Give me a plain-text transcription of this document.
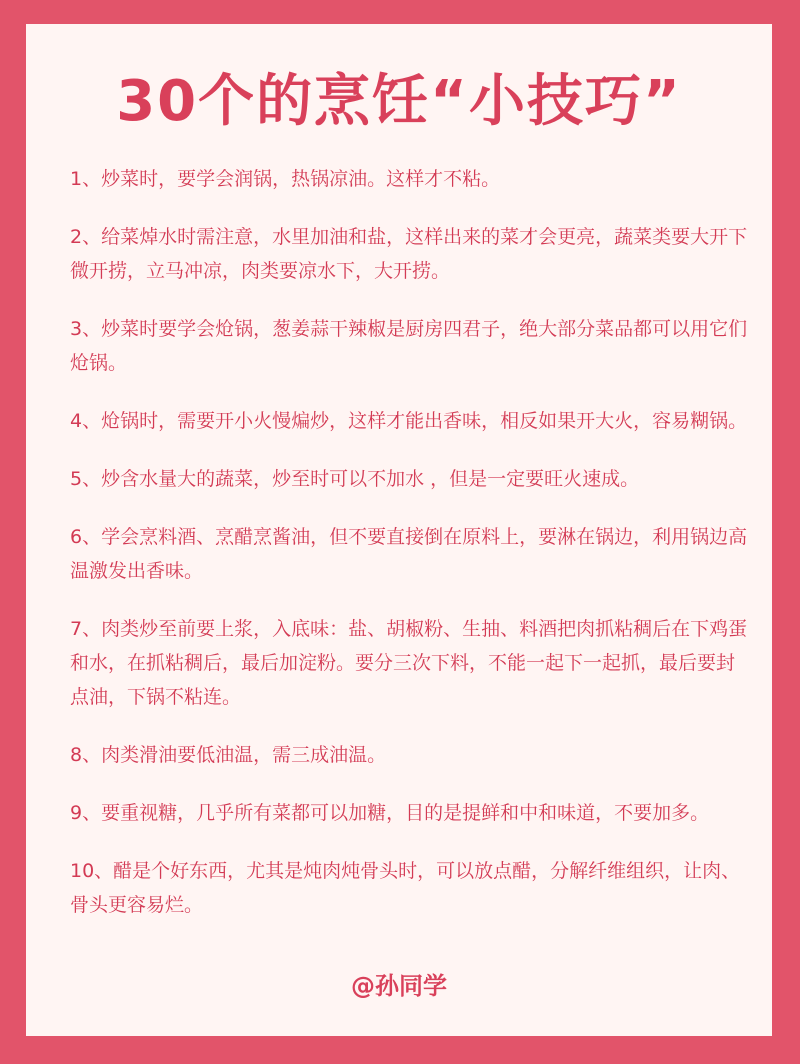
30个的烹饪“小技巧”
1、炒菜时，要学会润锅，热锅凉油。这样才不粘。
2、给菜焯水时需注意，水里加油和盐，这样出来的菜才会更亮，蔬菜类要大开下微开捞，立马冲凉，肉类要凉水下，大开捞。
3、炒菜时要学会炝锅，葱姜蒜干辣椒是厨房四君子，绝大部分菜品都可以用它们炝锅。
4、炝锅时，需要开小火慢煸炒，这样才能出香味，相反如果开大火，容易糊锅。
5、炒含水量大的蔬菜，炒至时可以不加水 ，但是一定要旺火速成。
6、学会烹料酒、烹醋烹酱油，但不要直接倒在原料上，要淋在锅边，利用锅边高温激发出香味。
7、肉类炒至前要上浆，入底味：盐、胡椒粉、生抽、料酒把肉抓粘稠后在下鸡蛋和水，在抓粘稠后，最后加淀粉。要分三次下料，不能一起下一起抓，最后要封点油，下锅不粘连。
8、肉类滑油要低油温，需三成油温。
9、要重视糖，几乎所有菜都可以加糖，目的是提鲜和中和味道，不要加多。
10、醋是个好东西，尤其是炖肉炖骨头时，可以放点醋，分解纤维组织，让肉、骨头更容易烂。
@孙同学
